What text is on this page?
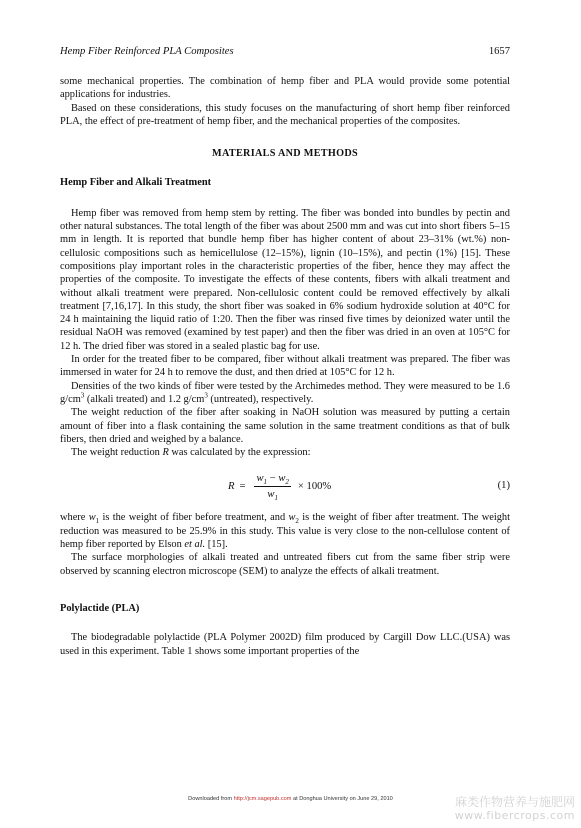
Hemp Fiber Reinforced PLA Composites	1657

some mechanical properties. The combination of hemp fiber and PLA would provide some potential applications for industries.

Based on these considerations, this study focuses on the manufacturing of short hemp fiber reinforced PLA, the effect of pre-treatment of hemp fiber, and the mechanical properties of the composites.

MATERIALS AND METHODS
Hemp Fiber and Alkali Treatment

Hemp fiber was removed from hemp stem by retting. The fiber was bonded into bundles by pectin and other natural substances. The total length of the fiber was about 2500 mm and was cut into short fibers 5–15 mm in length. It is reported that bundle hemp fiber has higher content of about 23–31% (wt.%) non-cellulosic compositions such as hemicellulose (12–15%), lignin (10–15%), and pectin (1%) [15]. These compositions play important roles in the characteristic properties of the fiber, hence they may affect the properties of the composite. To investigate the effects of these contents, fibers with alkali treatment and without alkali treatment were prepared. Non-cellulosic content could be removed effectively by alkali treatment [7,16,17]. In this study, the short fiber was soaked in 6% sodium hydroxide solution at 40°C for 24 h maintaining the liquid ratio of 1:20. Then the fiber was rinsed five times by deionized water until the residual NaOH was removed (examined by test paper) and then the fiber was dried in an oven at 105°C for 12 h. The dried fiber was stored in a sealed plastic bag for use.

In order for the treated fiber to be compared, fiber without alkali treatment was prepared. The fiber was immersed in water for 24 h to remove the dust, and then dried at 105°C for 12 h.

Densities of the two kinds of fiber were tested by the Archimedes method. They were measured to be 1.6 $g/cm^3$ (alkali treated) and 1.2 $g/cm^3$ (untreated), respectively.

The weight reduction of the fiber after soaking in NaOH solution was measured by putting a certain amount of fiber into a flask containing the same solution in the same treatment conditions as that of bulk fibers, then dried and weighed by a balance.

The weight reduction R was calculated by the expression:

$R = \frac{w_1 - w_2}{w_1} \times 100\%$	(1)

where $w_1$ is the weight of fiber before treatment, and $w_2$ is the weight of fiber after treatment. The weight reduction was measured to be 25.9% in this study. This value is very close to the non-cellulose content of hemp fiber reported by Elson et al. [15].

The surface morphologies of alkali treated and untreated fibers cut from the same fiber strip were observed by scanning electron microscope (SEM) to analyze the effects of alkali treatment.

Polylactide (PLA)

The biodegradable polylactide (PLA Polymer 2002D) film produced by Cargill Dow LLC.(USA) was used in this experiment. Table 1 shows some important properties of the

Downloaded from http://jcm.sagepub.com at Donghua University on June 29, 2010	麻类作物营养与施肥网
www.fibercrops.com
